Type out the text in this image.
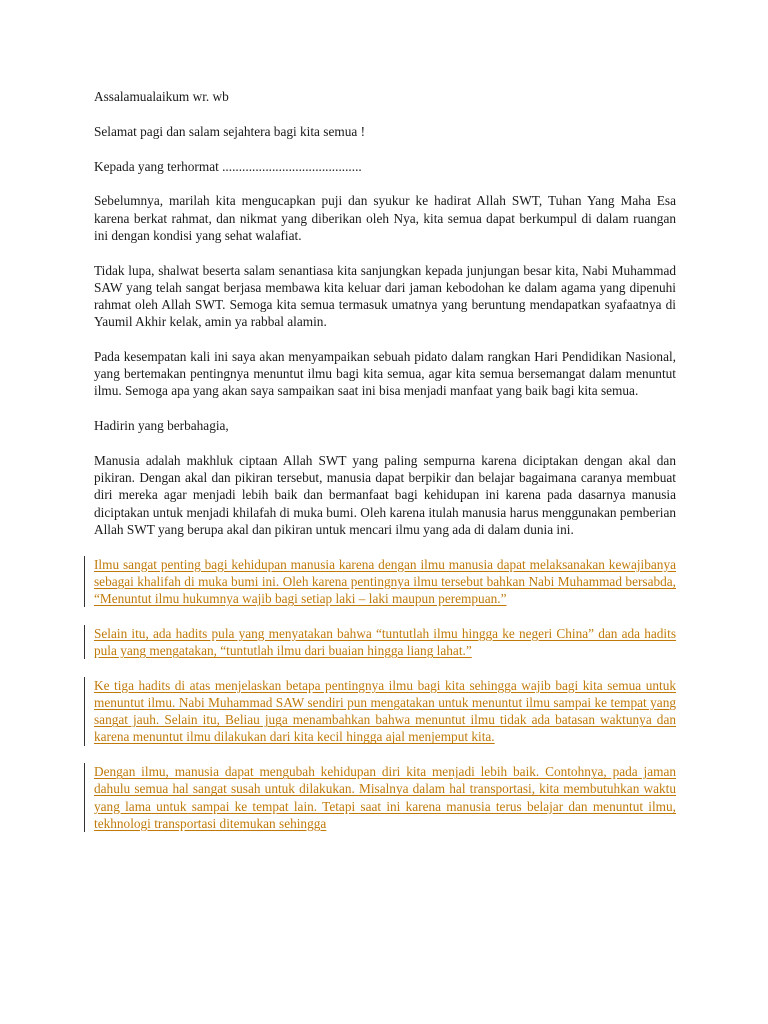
Assalamualaikum wr. wb

Selamat pagi dan salam sejahtera bagi kita semua !

Kepada yang terhormat ..........................................

Sebelumnya, marilah kita mengucapkan puji dan syukur ke hadirat Allah SWT, Tuhan Yang Maha Esa karena berkat rahmat, dan nikmat yang diberikan oleh Nya, kita semua dapat berkumpul di dalam ruangan ini dengan kondisi yang sehat walafiat.

Tidak lupa, shalwat beserta salam senantiasa kita sanjungkan kepada junjungan besar kita, Nabi Muhammad SAW yang telah sangat berjasa membawa kita keluar dari jaman kebodohan ke dalam agama yang dipenuhi rahmat oleh Allah SWT. Semoga kita semua termasuk umatnya yang beruntung mendapatkan syafaatnya di Yaumil Akhir kelak, amin ya rabbal alamin.

Pada kesempatan kali ini saya akan menyampaikan sebuah pidato dalam rangkan Hari Pendidikan Nasional, yang bertemakan pentingnya menuntut ilmu bagi kita semua, agar kita semua bersemangat dalam menuntut ilmu. Semoga apa yang akan saya sampaikan saat ini bisa menjadi manfaat yang baik bagi kita semua.

Hadirin yang berbahagia,

Manusia adalah makhluk ciptaan Allah SWT yang paling sempurna karena diciptakan dengan akal dan pikiran. Dengan akal dan pikiran tersebut, manusia dapat berpikir dan belajar bagaimana caranya membuat diri mereka agar menjadi lebih baik dan bermanfaat bagi kehidupan ini karena pada dasarnya manusia diciptakan untuk menjadi khilafah di muka bumi. Oleh karena itulah manusia harus menggunakan pemberian Allah SWT yang berupa akal dan pikiran untuk mencari ilmu yang ada di dalam dunia ini.

Ilmu sangat penting bagi kehidupan manusia karena dengan ilmu manusia dapat melaksanakan kewajibanya sebagai khalifah di muka bumi ini. Oleh karena pentingnya ilmu tersebut bahkan Nabi Muhammad bersabda, “Menuntut ilmu hukumnya wajib bagi setiap laki – laki maupun perempuan.”

Selain itu, ada hadits pula yang menyatakan bahwa “tuntutlah ilmu hingga ke negeri China” dan ada hadits pula yang mengatakan, “tuntutlah ilmu dari buaian hingga liang lahat.”

Ke tiga hadits di atas menjelaskan betapa pentingnya ilmu bagi kita sehingga wajib bagi kita semua untuk menuntut ilmu. Nabi Muhammad SAW sendiri pun mengatakan untuk menuntut ilmu sampai ke tempat yang sangat jauh. Selain itu, Beliau juga menambahkan bahwa menuntut ilmu tidak ada batasan waktunya dan karena menuntut ilmu dilakukan dari kita kecil hingga ajal menjemput kita.

Dengan ilmu, manusia dapat mengubah kehidupan diri kita menjadi lebih baik. Contohnya, pada jaman dahulu semua hal sangat susah untuk dilakukan. Misalnya dalam hal transportasi, kita membutuhkan waktu yang lama untuk sampai ke tempat lain. Tetapi saat ini karena manusia terus belajar dan menuntut ilmu, tekhnologi transportasi ditemukan sehingga
